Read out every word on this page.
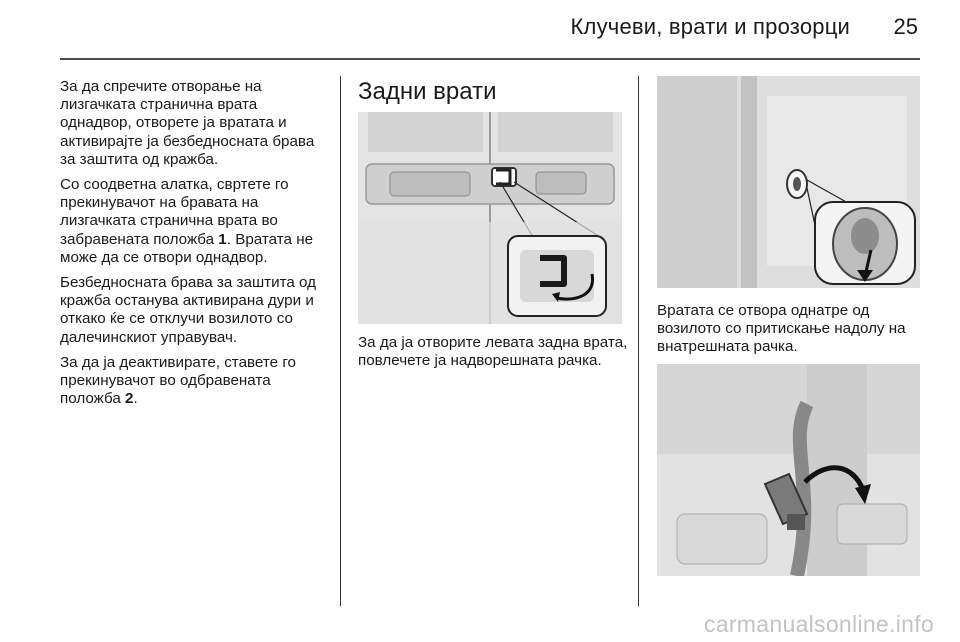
Клучеви, врати и прозорци 25

За да спречите отворање на лизгачката странична врата однадвор, отворете ја вратата и активирајте ја безбедносната брава за заштита од кражба.

Со соодветна алатка, свртете го прекинувачот на бравата на лизгачката странична врата во забравената положба 1. Вратата не може да се отвори однадвор.

Безбедносната брава за заштита од кражба останува активирана дури и откако ќе се отклучи возилото со далечинскиот управувач.

За да ја деактивирате, ставете го прекинувачот во одбравената положба 2.

Задни врати

За да ја отворите левата задна врата, повлечете ја надворешната рачка.

Вратата се отвора однатре од возилото со притискање надолу на внатрешната рачка.

carmanualsonline.info
